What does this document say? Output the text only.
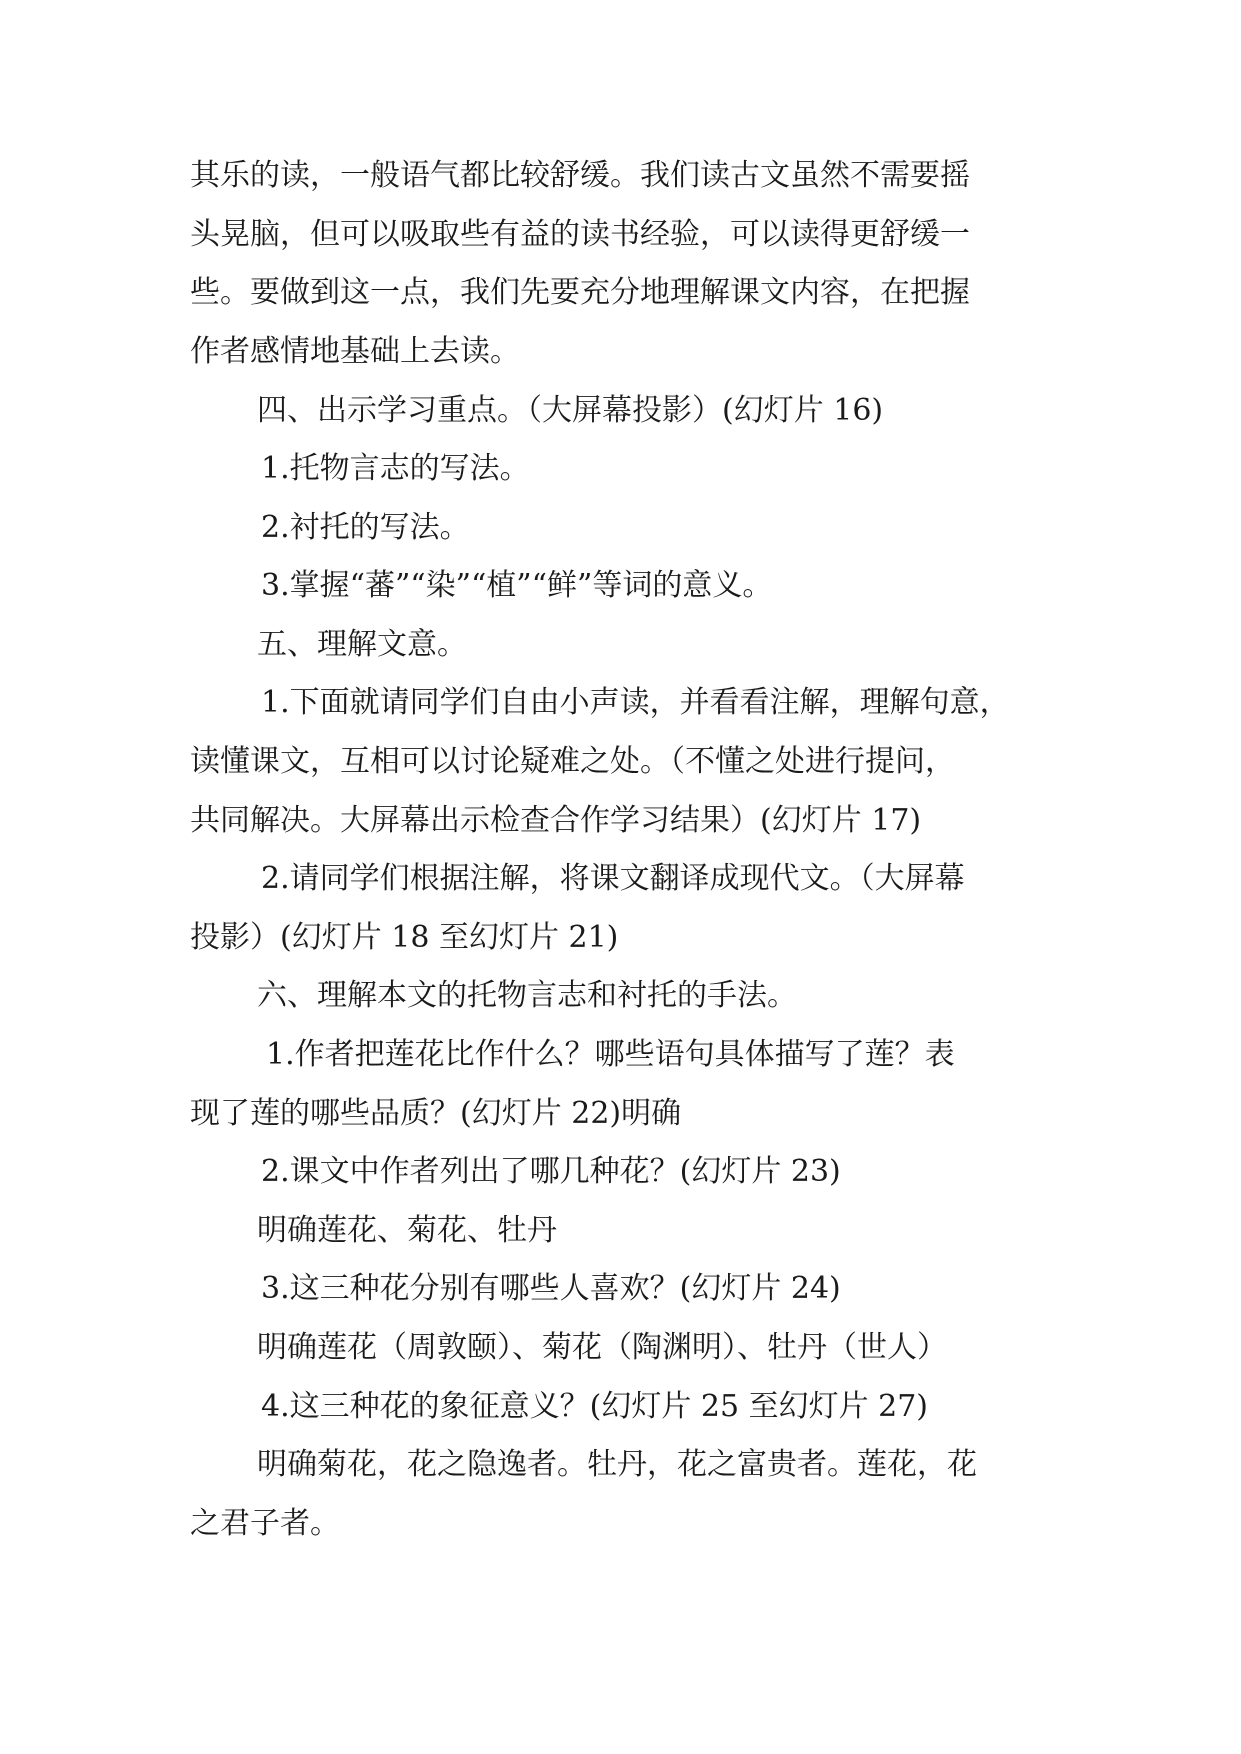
其乐的读，一般语气都比较舒缓。我们读古文虽然不需要摇
头晃脑，但可以吸取些有益的读书经验，可以读得更舒缓一
些。要做到这一点，我们先要充分地理解课文内容，在把握
作者感情地基础上去读。
四、出示学习重点。（大屏幕投影）(幻灯片 16)
1.托物言志的写法。
2.衬托的写法。
3.掌握“蕃”“染”“植”“鲜”等词的意义。
五、理解文意。
1.下面就请同学们自由小声读，并看看注解，理解句意，
读懂课文，互相可以讨论疑难之处。（不懂之处进行提问，
共同解决。大屏幕出示检查合作学习结果）(幻灯片 17)
2.请同学们根据注解，将课文翻译成现代文。（大屏幕
投影）(幻灯片 18 至幻灯片 21)
六、理解本文的托物言志和衬托的手法。
1.作者把莲花比作什么？哪些语句具体描写了莲？表
现了莲的哪些品质？(幻灯片 22)明确
2.课文中作者列出了哪几种花？(幻灯片 23)
明确莲花、菊花、牡丹
3.这三种花分别有哪些人喜欢？(幻灯片 24)
明确莲花（周敦颐）、菊花（陶渊明）、牡丹（世人）
4.这三种花的象征意义？(幻灯片 25 至幻灯片 27)
明确菊花，花之隐逸者。牡丹，花之富贵者。莲花，花
之君子者。
